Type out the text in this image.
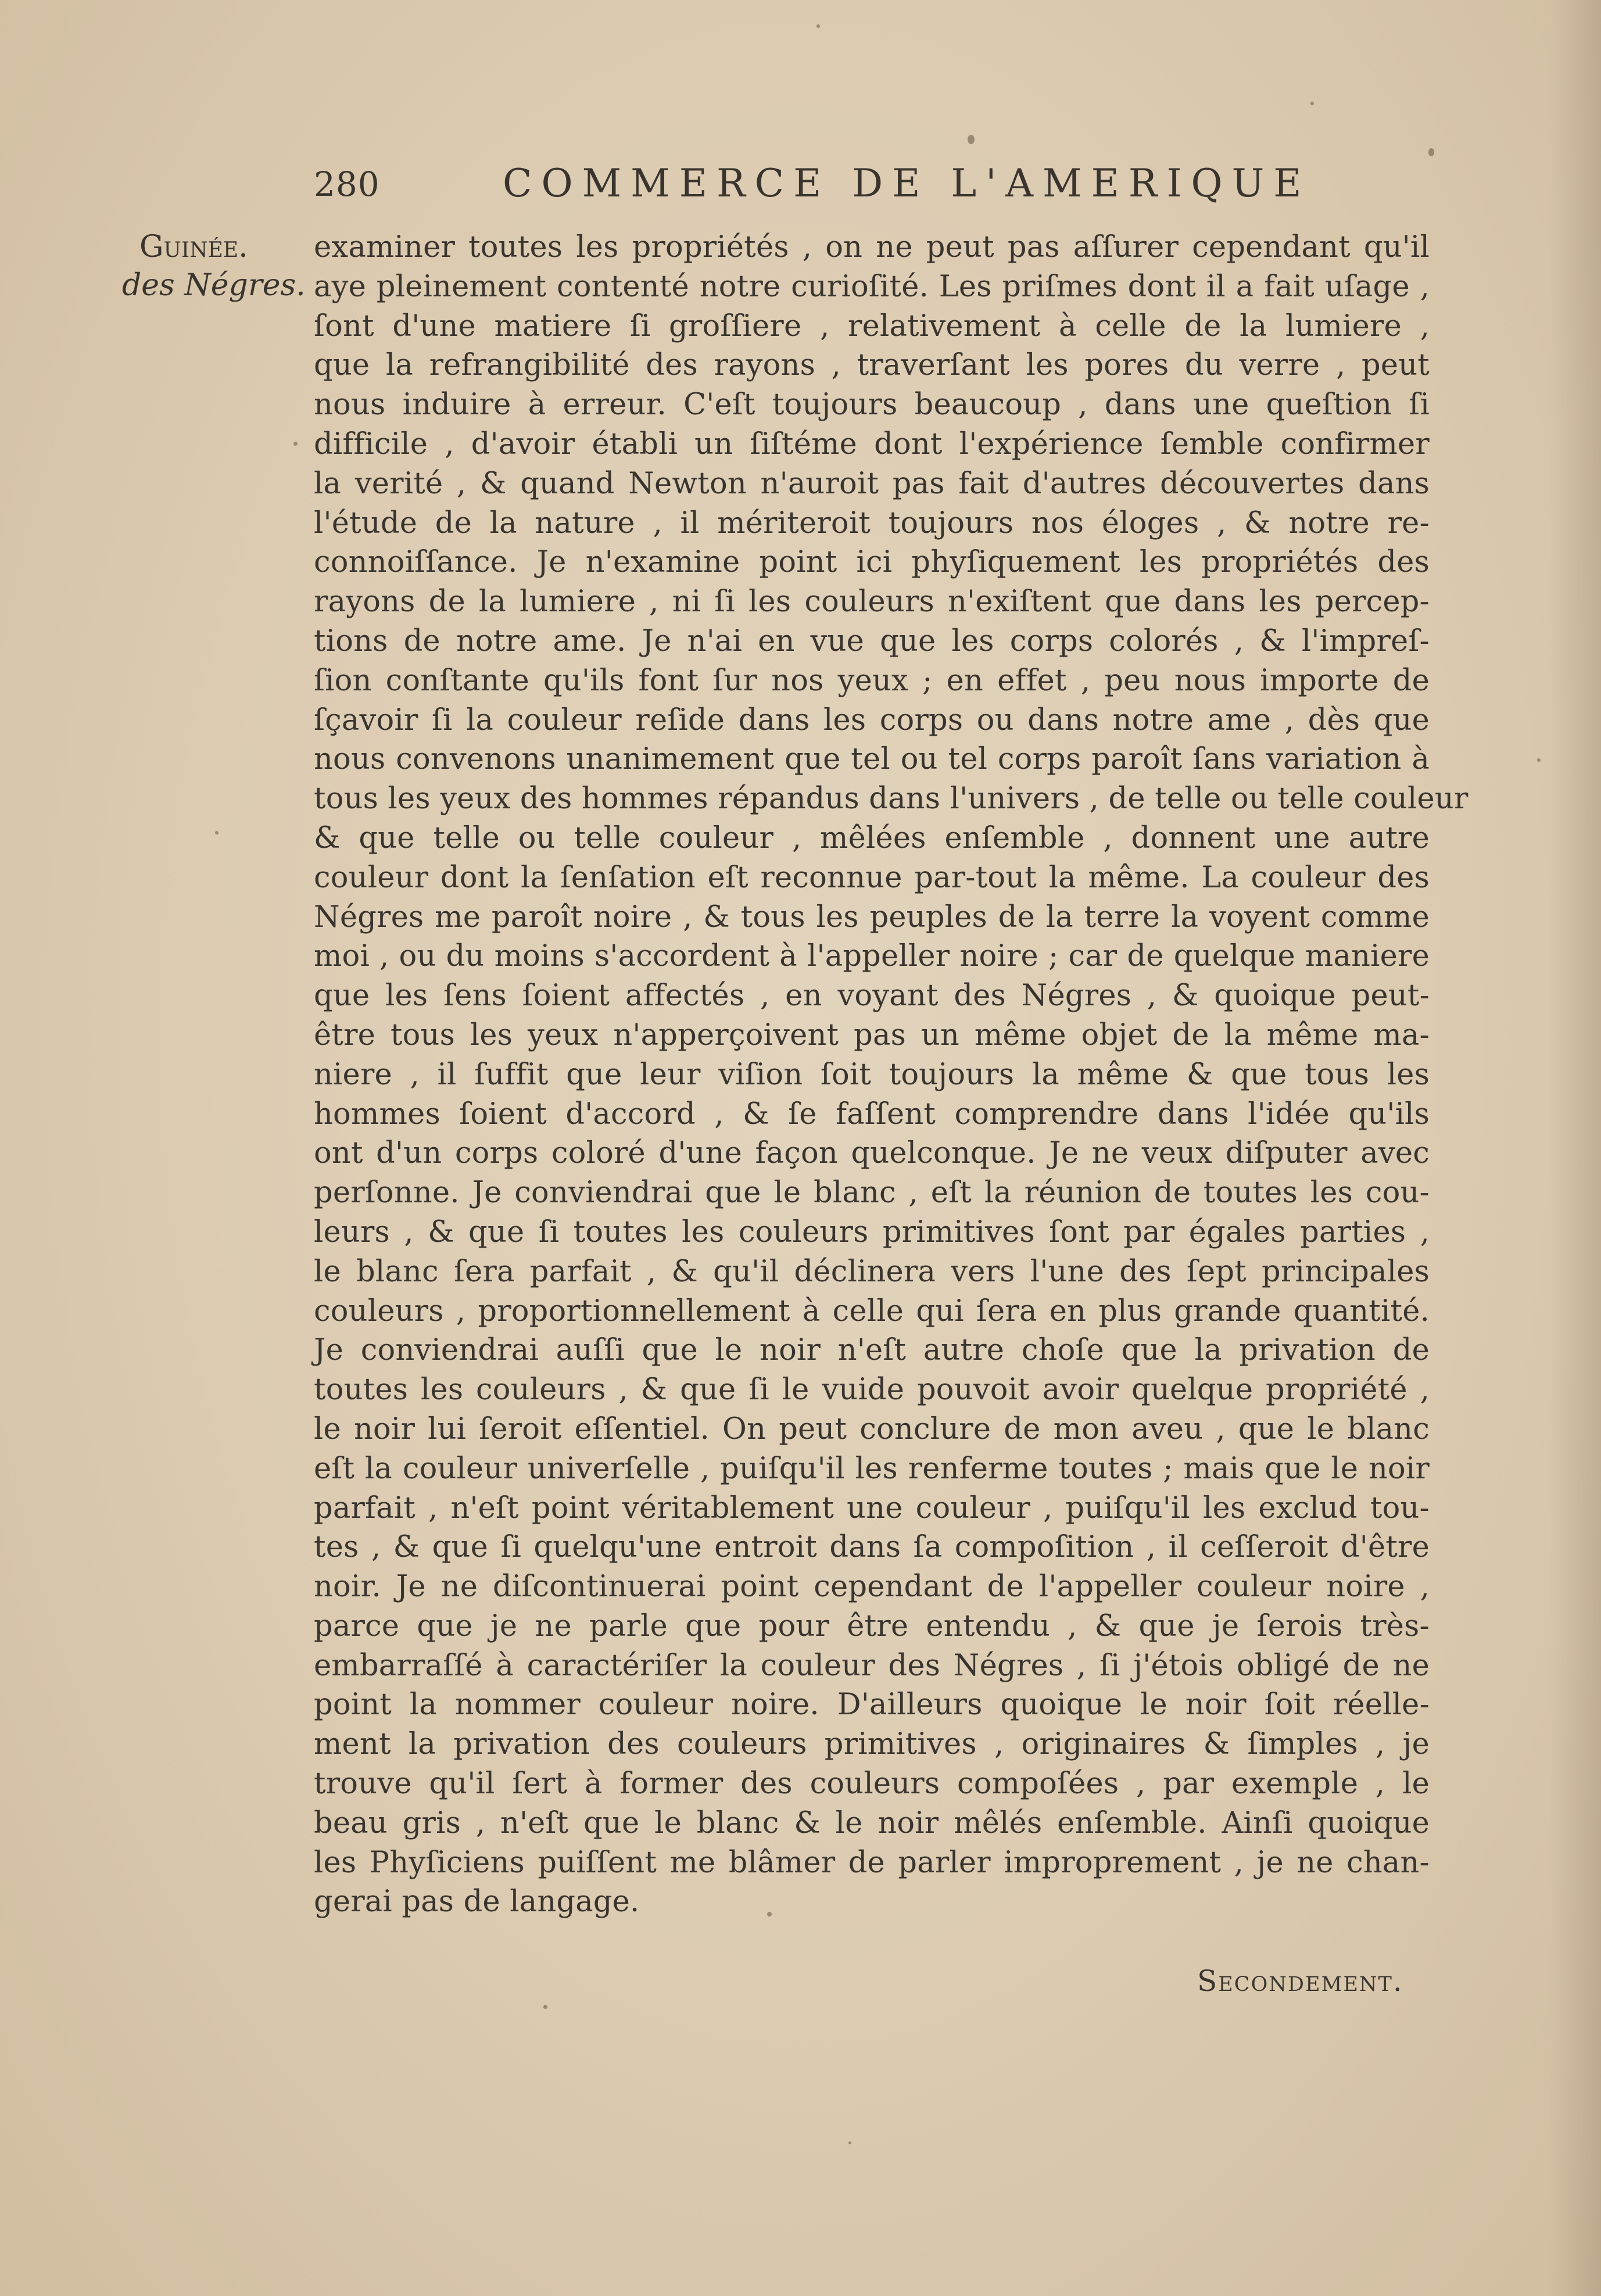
280	COMMERCE DE L'AMERIQUE
Guinée.
des Négres.
examiner toutes les propriétés , on ne peut pas aſſurer cependant qu'il
aye pleinement contenté notre curioſité. Les priſmes dont il a fait uſage ,
ſont d'une matiere ſi groſſiere , relativement à celle de la lumiere ,
que la refrangibilité des rayons , traverſant les pores du verre , peut
nous induire à erreur. C'eſt toujours beaucoup , dans une queſtion ſi
difficile , d'avoir établi un ſiſtéme dont l'expérience ſemble confirmer
la verité , & quand Newton n'auroit pas fait d'autres découvertes dans
l'étude de la nature , il mériteroit toujours nos éloges , & notre re-
connoiſſance. Je n'examine point ici phyſiquement les propriétés des
rayons de la lumiere , ni ſi les couleurs n'exiſtent que dans les percep-
tions de notre ame. Je n'ai en vue que les corps colorés , & l'impreſ-
ſion conſtante qu'ils font ſur nos yeux ; en effet , peu nous importe de
ſçavoir ſi la couleur reſide dans les corps ou dans notre ame , dès que
nous convenons unanimement que tel ou tel corps paroît ſans variation à
tous les yeux des hommes répandus dans l'univers , de telle ou telle couleur
& que telle ou telle couleur , mêlées enſemble , donnent une autre
couleur dont la ſenſation eſt reconnue par-tout la même. La couleur des
Négres me paroît noire , & tous les peuples de la terre la voyent comme
moi , ou du moins s'accordent à l'appeller noire ; car de quelque maniere
que les ſens ſoient affectés , en voyant des Négres , & quoique peut-
être tous les yeux n'apperçoivent pas un même objet de la même ma-
niere , il ſuffit que leur viſion ſoit toujours la même & que tous les
hommes ſoient d'accord , & ſe faſſent comprendre dans l'idée qu'ils
ont d'un corps coloré d'une façon quelconque. Je ne veux diſputer avec
perſonne. Je conviendrai que le blanc , eſt la réunion de toutes les cou-
leurs , & que ſi toutes les couleurs primitives ſont par égales parties ,
le blanc ſera parfait , & qu'il déclinera vers l'une des ſept principales
couleurs , proportionnellement à celle qui ſera en plus grande quantité.
Je conviendrai auſſi que le noir n'eſt autre choſe que la privation de
toutes les couleurs , & que ſi le vuide pouvoit avoir quelque propriété ,
le noir lui ſeroit eſſentiel. On peut conclure de mon aveu , que le blanc
eſt la couleur univerſelle , puiſqu'il les renferme toutes ; mais que le noir
parfait , n'eſt point véritablement une couleur , puiſqu'il les exclud tou-
tes , & que ſi quelqu'une entroit dans ſa compoſition , il ceſſeroit d'être
noir. Je ne diſcontinuerai point cependant de l'appeller couleur noire ,
parce que je ne parle que pour être entendu , & que je ſerois très-
embarraſſé à caractériſer la couleur des Négres , ſi j'étois obligé de ne
point la nommer couleur noire. D'ailleurs quoique le noir ſoit réelle-
ment la privation des couleurs primitives , originaires & ſimples , je
trouve qu'il ſert à former des couleurs compoſées , par exemple , le
beau gris , n'eſt que le blanc & le noir mêlés enſemble. Ainſi quoique
les Phyſiciens puiſſent me blâmer de parler improprement , je ne chan-
gerai pas de langage.
Secondement.
